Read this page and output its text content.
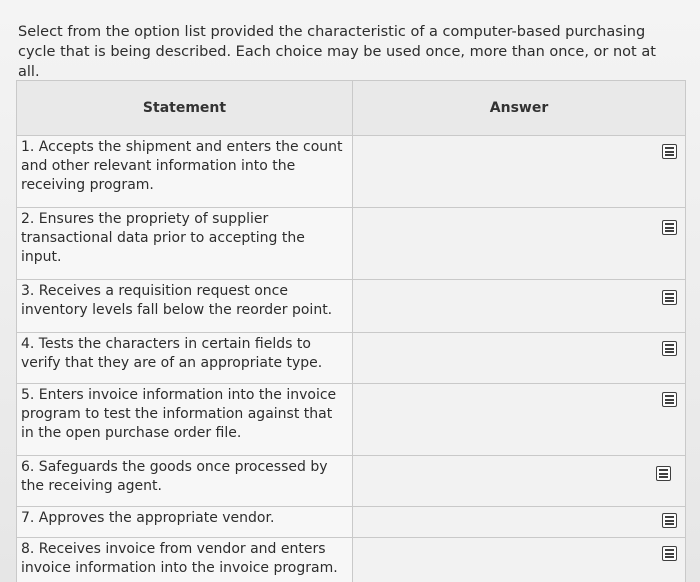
Select from the option list provided the characteristic of a computer-based purchasing cycle that is being described. Each choice may be used once, more than once, or not at all.
Statement	Answer
1. Accepts the shipment and enters the count and other relevant information into the receiving program.	

2. Ensures the propriety of supplier transactional data prior to accepting the input.	

3. Receives a requisition request once inventory levels fall below the reorder point.	

4. Tests the characters in certain fields to verify that they are of an appropriate type.	

5. Enters invoice information into the invoice program to test the information against that in the open purchase order file.	

6. Safeguards the goods once processed by the receiving agent.	

7. Approves the appropriate vendor.	

8. Receives invoice from vendor and enters invoice information into the invoice program.	
